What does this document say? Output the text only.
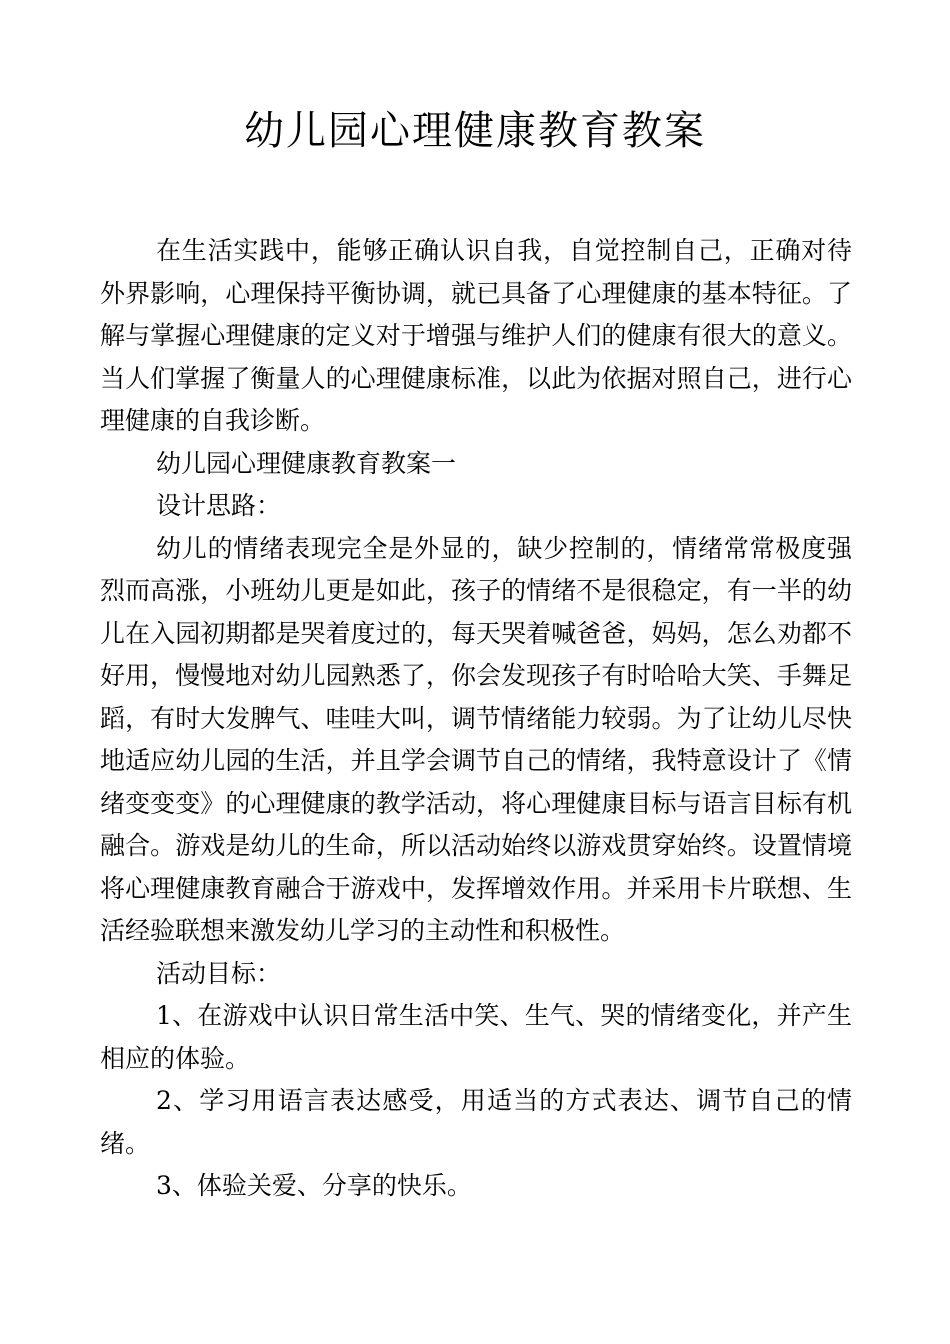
幼儿园心理健康教育教案

在生活实践中，能够正确认识自我，自觉控制自己，正确对待外界影响，心理保持平衡协调，就已具备了心理健康的基本特征。了解与掌握心理健康的定义对于增强与维护人们的健康有很大的意义。当人们掌握了衡量人的心理健康标准，以此为依据对照自己，进行心理健康的自我诊断。

幼儿园心理健康教育教案一

设计思路：

幼儿的情绪表现完全是外显的，缺少控制的，情绪常常极度强烈而高涨，小班幼儿更是如此，孩子的情绪不是很稳定，有一半的幼儿在入园初期都是哭着度过的，每天哭着喊爸爸，妈妈，怎么劝都不好用，慢慢地对幼儿园熟悉了，你会发现孩子有时哈哈大笑、手舞足蹈，有时大发脾气、哇哇大叫，调节情绪能力较弱。为了让幼儿尽快地适应幼儿园的生活，并且学会调节自己的情绪，我特意设计了《情绪变变变》的心理健康的教学活动，将心理健康目标与语言目标有机融合。游戏是幼儿的生命，所以活动始终以游戏贯穿始终。设置情境将心理健康教育融合于游戏中，发挥增效作用。并采用卡片联想、生活经验联想来激发幼儿学习的主动性和积极性。

活动目标：

1、在游戏中认识日常生活中笑、生气、哭的情绪变化，并产生相应的体验。

2、学习用语言表达感受，用适当的方式表达、调节自己的情绪。

3、体验关爱、分享的快乐。
